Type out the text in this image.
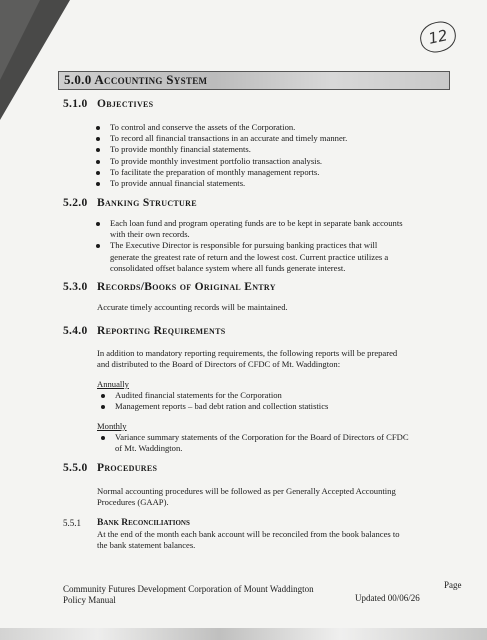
12
5.0.0 Accounting System
5.1.0 Objectives
To control and conserve the assets of the Corporation.
To record all financial transactions in an accurate and timely manner.
To provide monthly financial statements.
To provide monthly investment portfolio transaction analysis.
To facilitate the preparation of monthly management reports.
To provide annual financial statements.
5.2.0 Banking Structure
Each loan fund and program operating funds are to be kept in separate bank accounts
with their own records.
The Executive Director is responsible for pursuing banking practices that will
generate the greatest rate of return and the lowest cost. Current practice utilizes a
consolidated offset balance system where all funds generate interest.
5.3.0 Records/Books of Original Entry
Accurate timely accounting records will be maintained.
5.4.0 Reporting Requirements
In addition to mandatory reporting requirements, the following reports will be prepared
and distributed to the Board of Directors of CFDC of Mt. Waddington:
Annually
Audited financial statements for the Corporation
Management reports – bad debt ration and collection statistics
Monthly
Variance summary statements of the Corporation for the Board of Directors of CFDC
of Mt. Waddington.
5.5.0 Procedures
Normal accounting procedures will be followed as per Generally Accepted Accounting
Procedures (GAAP).
5.5.1 Bank Reconciliations
At the end of the month each bank account will be reconciled from the book balances to
the bank statement balances.
Community Futures Development Corporation of Mount Waddington
Policy Manual
Page
Updated 00/06/26
